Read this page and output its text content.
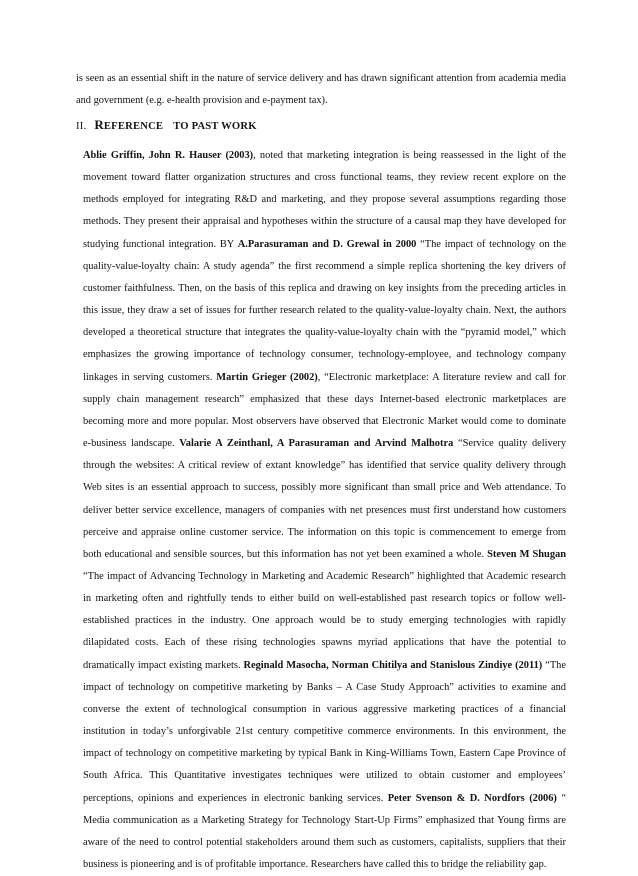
is seen as an essential shift in the nature of service delivery and has drawn significant attention from academia media and government (e.g. e-health provision and e-payment tax).
II. REFERENCE TO PAST WORK
Ablie Griffin, John R. Hauser (2003), noted that marketing integration is being reassessed in the light of the movement toward flatter organization structures and cross functional teams, they review recent explore on the methods employed for integrating R&D and marketing, and they propose several assumptions regarding those methods. They present their appraisal and hypotheses within the structure of a causal map they have developed for studying functional integration. BY A.Parasuraman and D. Grewal in 2000 “The impact of technology on the quality-value-loyalty chain: A study agenda” the first recommend a simple replica shortening the key drivers of customer faithfulness. Then, on the basis of this replica and drawing on key insights from the preceding articles in this issue, they draw a set of issues for further research related to the quality-value-loyalty chain. Next, the authors developed a theoretical structure that integrates the quality-value-loyalty chain with the “pyramid model,” which emphasizes the growing importance of technology consumer, technology-employee, and technology company linkages in serving customers. Martin Grieger (2002), “Electronic marketplace: A literature review and call for supply chain management research” emphasized that these days Internet-based electronic marketplaces are becoming more and more popular. Most observers have observed that Electronic Market would come to dominate e-business landscape. Valarie A Zeinthanl, A Parasuraman and Arvind Malhotra “Service quality delivery through the websites: A critical review of extant knowledge” has identified that service quality delivery through Web sites is an essential approach to success, possibly more significant than small price and Web attendance. To deliver better service excellence, managers of companies with net presences must first understand how customers perceive and appraise online customer service. The information on this topic is commencement to emerge from both educational and sensible sources, but this information has not yet been examined a whole. Steven M Shugan “The impact of Advancing Technology in Marketing and Academic Research” highlighted that Academic research in marketing often and rightfully tends to either build on well-established past research topics or follow well-established practices in the industry. One approach would be to study emerging technologies with rapidly dilapidated costs. Each of these rising technologies spawns myriad applications that have the potential to dramatically impact existing markets. Reginald Masocha, Norman Chitilya and Stanislous Zindiye (2011) “The impact of technology on competitive marketing by Banks – A Case Study Approach” activities to examine and converse the extent of technological consumption in various aggressive marketing practices of a financial institution in today’s unforgivable 21st century competitive commerce environments. In this environment, the impact of technology on competitive marketing by typical Bank in King-Williams Town, Eastern Cape Province of South Africa. This Quantitative investigates techniques were utilized to obtain customer and employees’ perceptions, opinions and experiences in electronic banking services. Peter Svenson & D. Nordfors (2006) “ Media communication as a Marketing Strategy for Technology Start-Up Firms” emphasized that Young firms are aware of the need to control potential stakeholders around them such as customers, capitalists, suppliers that their business is pioneering and is of profitable importance. Researchers have called this to bridge the reliability gap.
